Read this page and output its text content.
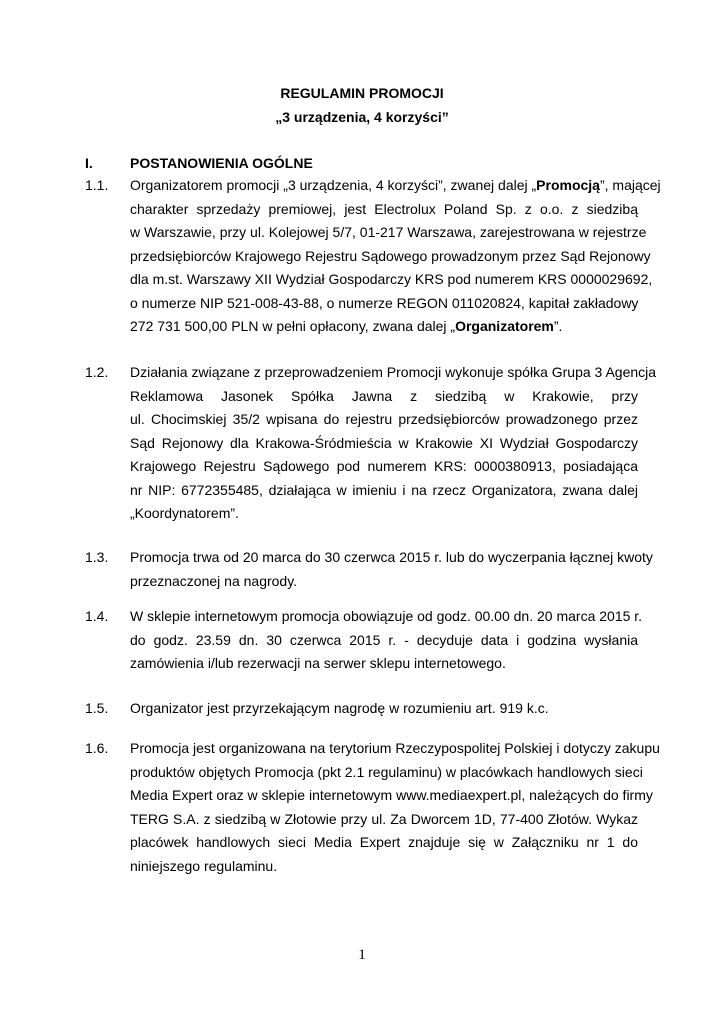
REGULAMIN PROMOCJI
„3 urządzenia, 4 korzyści”
I.	POSTANOWIENIA OGÓLNE
1.1. Organizatorem promocji „3 urządzenia, 4 korzyści”, zwanej dalej „Promocją”, mającej
charakter sprzedaży premiowej, jest Electrolux Poland Sp. z o.o. z siedzibą
w Warszawie, przy ul. Kolejowej 5/7, 01-217 Warszawa, zarejestrowana w rejestrze
przedsiębiorców Krajowego Rejestru Sądowego prowadzonym przez Sąd Rejonowy
dla m.st. Warszawy XII Wydział Gospodarczy KRS pod numerem KRS 0000029692,
o numerze NIP 521-008-43-88, o numerze REGON 011020824, kapitał zakładowy
272 731 500,00 PLN w pełni opłacony, zwana dalej „Organizatorem”.
1.2. Działania związane z przeprowadzeniem Promocji wykonuje spółka Grupa 3 Agencja
Reklamowa Jasonek Spółka Jawna z siedzibą w Krakowie, przy
ul. Chocimskiej 35/2 wpisana do rejestru przedsiębiorców prowadzonego przez
Sąd Rejonowy dla Krakowa-Śródmieścia w Krakowie XI Wydział Gospodarczy
Krajowego Rejestru Sądowego pod numerem KRS: 0000380913, posiadająca
nr NIP: 6772355485, działająca w imieniu i na rzecz Organizatora, zwana dalej
„Koordynatorem”.
1.3. Promocja trwa od 20 marca do 30 czerwca 2015 r. lub do wyczerpania łącznej kwoty
przeznaczonej na nagrody.
1.4. W sklepie internetowym promocja obowiązuje od godz. 00.00 dn. 20 marca 2015 r.
do godz. 23.59 dn. 30 czerwca 2015 r. - decyduje data i godzina wysłania
zamówienia i/lub rezerwacji na serwer sklepu internetowego.
1.5. Organizator jest przyrzekającym nagrodę w rozumieniu art. 919 k.c.
1.6. Promocja jest organizowana na terytorium Rzeczypospolitej Polskiej i dotyczy zakupu
produktów objętych Promocja (pkt 2.1 regulaminu) w placówkach handlowych sieci
Media Expert oraz w sklepie internetowym www.mediaexpert.pl, należących do firmy
TERG S.A. z siedzibą w Złotowie przy ul. Za Dworcem 1D, 77-400 Złotów. Wykaz
placówek handlowych sieci Media Expert znajduje się w Załączniku nr 1 do
niniejszego regulaminu.
1
